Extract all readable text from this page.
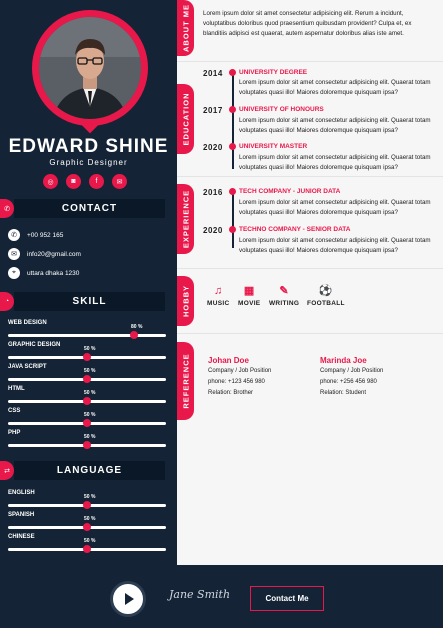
EDWARD SHINE
Graphic Designer
◎	◙	f	✉
✆	CONTACT
✆	+00 952 165
✉	info20@gmail.com
⌖	uttara dhaka 1230
◔	SKILL
WEB DESIGN
80 %
GRAPHIC DESIGN
50 %
JAVA SCRIPT
50 %
HTML
50 %
CSS
50 %
PHP
50 %
⇄	LANGUAGE
ENGLISH
50 %
SPANISH
50 %
CHINESE
50 %
ABOUT ME Lorem ipsum dolor sit amet consectetur adipisicing elit. Rerum a incidunt, voluptatibus doloribus quod praesentium quibusdam provident? Culpa et, ex blanditiis adipisci est quaerat, autem aspernatur doloribus alias iste amet.
EDUCATION
2014 UNIVERSITY DEGREE
Lorem ipsum dolor sit amet consectetur adipisicing elit. Quaerat totam voluptates quasi illo! Maiores doloremque quisquam ipsa?
2017 UNIVERSITY OF HONOURS
Lorem ipsum dolor sit amet consectetur adipisicing elit. Quaerat totam voluptates quasi illo! Maiores doloremque quisquam ipsa?
2020 UNIVERSITY MASTER
Lorem ipsum dolor sit amet consectetur adipisicing elit. Quaerat totam voluptates quasi illo! Maiores doloremque quisquam ipsa?
EXPERIENCE 2016 TECH COMPANY - JUNIOR DATA
Lorem ipsum dolor sit amet consectetur adipisicing elit. Quaerat totam voluptates quasi illo! Maiores doloremque quisquam ipsa?
2020 TECHNO COMPANY - SENIOR DATA
Lorem ipsum dolor sit amet consectetur adipisicing elit. Quaerat totam voluptates quasi illo! Maiores doloremque quisquam ipsa?
HOBBY ♫
MUSIC
▦
MOVIE
✎
WRITING
⚽
FOOTBALL
REFERENCE Johan Doe
Company / Job Position
phone: +123 456 980
Relation: Brother
Marinda Joe
Company / Job Position
phone: +256 456 980
Relation: Student
Jane Smith	Contact Me
